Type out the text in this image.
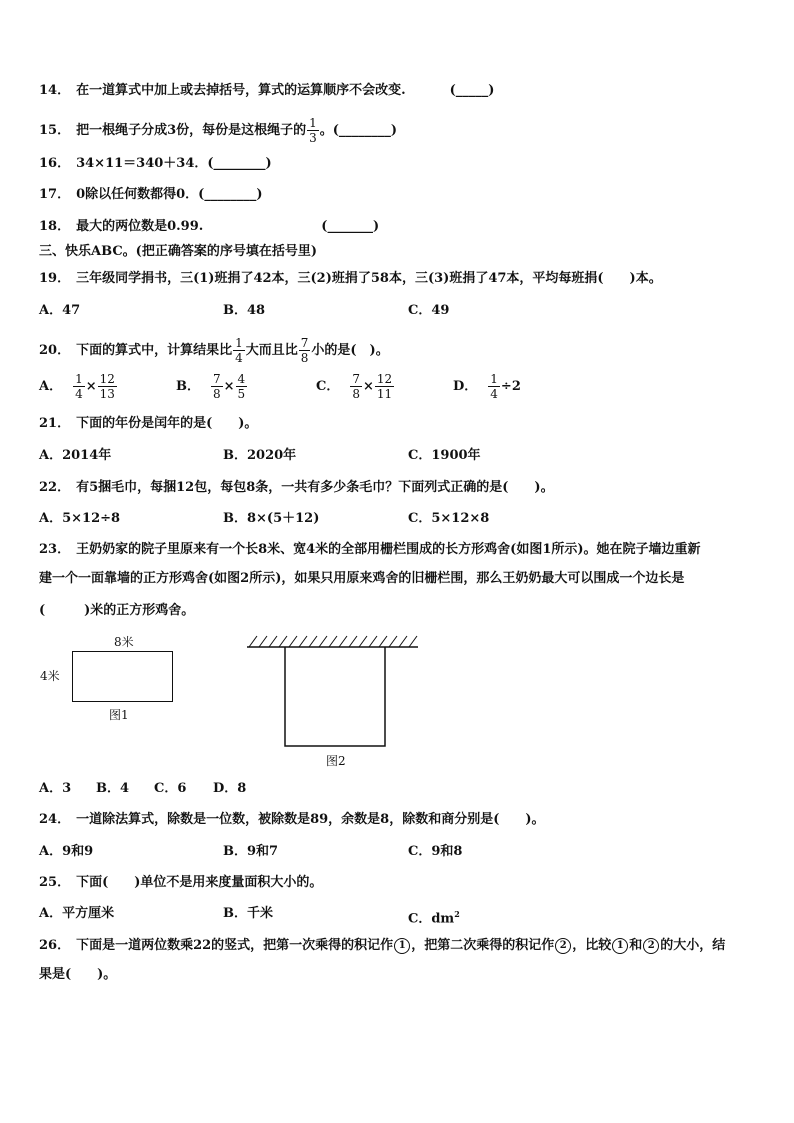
14． 在一道算式中加上或去掉括号，算式的运算顺序不会改变.	(_____)
15． 把一根绳子分成3份，每份是这根绳子的 $\frac{1}{3}$ 。(________)
16． 34×11＝340＋34．(________)
17． 0除以任何数都得0．(________)
18． 最大的两位数是0.99.	(_______)
三、快乐ABC。(把正确答案的序号填在括号里)
19． 三年级同学捐书，三(1)班捐了42本，三(2)班捐了58本，三(3)班捐了47本，平均每班捐(　　)本。
A．47	B．48	C．49
20． 下面的算式中，计算结果比 $\frac{1}{4}$ 大而且比 $\frac{7}{8}$ 小的是(　)。
A． $\frac{1}{4} \times \frac{12}{13}$	B． $\frac{7}{8} \times \frac{4}{5}$	C． $\frac{7}{8} \times \frac{12}{11}$	D． $\frac{1}{4} \div 2$
21． 下面的年份是闰年的是(　　)。
A．2014年	B．2020年	C．1900年
22． 有5捆毛巾，每捆12包，每包8条，一共有多少条毛巾？下面列式正确的是(　　)。
A．5×12÷8	B．8×(5＋12)	C．5×12×8
23． 王奶奶家的院子里原来有一个长8米、宽4米的全部用栅栏围成的长方形鸡舍(如图1所示)。她在院子墙边重新
建一个一面靠墙的正方形鸡舍(如图2所示)，如果只用原来鸡舍的旧栅栏围，那么王奶奶最大可以围成一个边长是
(　　　)米的正方形鸡舍。
8米
4米
图1
图2
A．3 B．4 C．6 D．8
24． 一道除法算式，除数是一位数，被除数是89，余数是8，除数和商分别是(　　)。
A．9和9	B．9和7	C．9和8
25． 下面(　　)单位不是用来度量面积大小的。
A．平方厘米	B．千米	C．$dm^2$
26． 下面是一道两位数乘22的竖式，把第一次乘得的积记作 1 ，把第二次乘得的积记作 2 ，比较 1 和 2 的大小，结
果是(　　)。
